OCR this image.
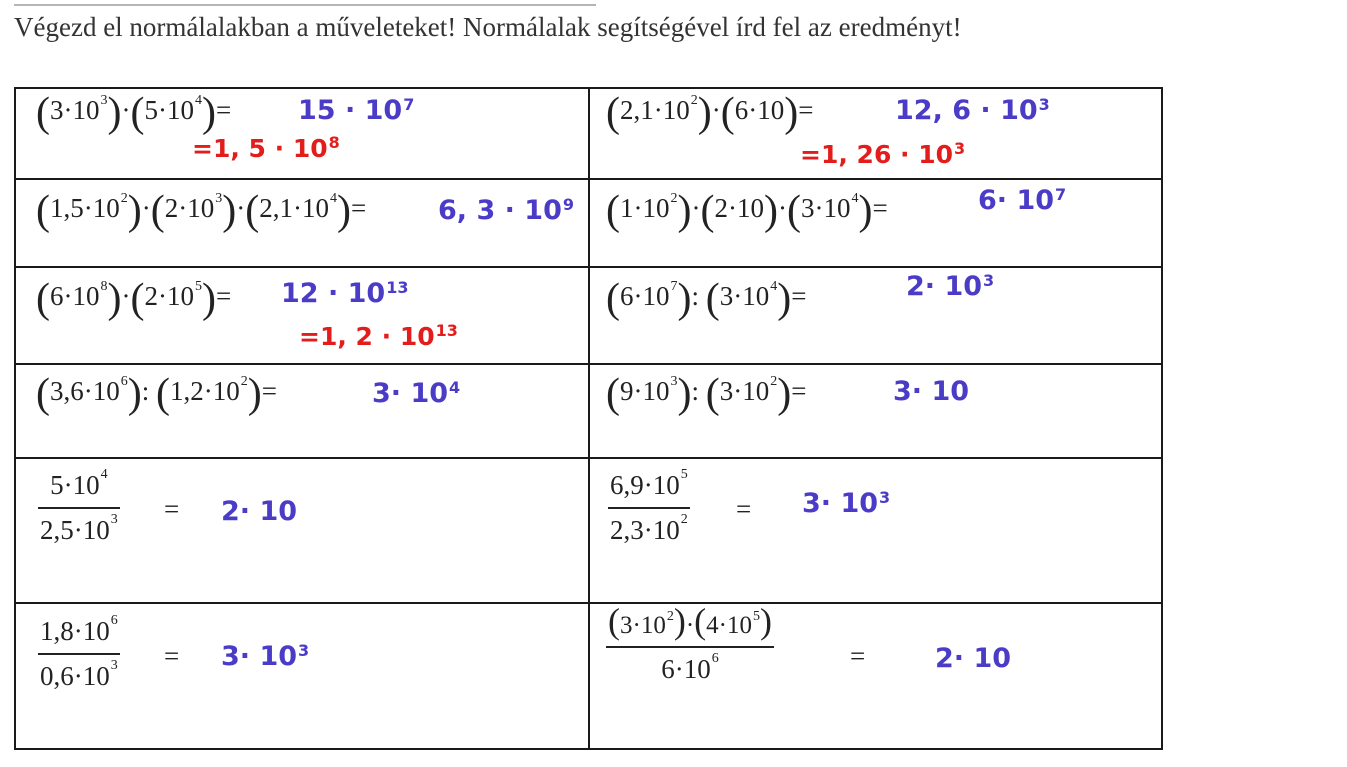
Végezd el normálalakban a műveleteket! Normálalak segítségével írd fel az eredményt!
$(3\cdot 10^3)\cdot(5\cdot 10^4)= 15 \cdot 10^7$
=1, $5 \cdot 10^8$
$(2,1\cdot 10^2)\cdot(6\cdot 10)=$	12, $6 \cdot 10^3$
=1, $26 \cdot 10^3$
$(1,5\cdot 10^2)\cdot(2\cdot 10^3)\cdot(2,1\cdot 10^4)=$	6, $3 \cdot 10^9$ $(1\cdot 10^2)\cdot(2\cdot 10)\cdot(3\cdot 10^4)=$	$6\cdot 10^7$
$(6\cdot 10^8)\cdot(2\cdot 10^5)= 12 \cdot 10^{13}$
=1, $2 \cdot 10^{13}$
$(6\cdot 10^7)$: $(3\cdot 10^4)=$	$2\cdot 10^3$
$(3,6\cdot 10^6)$: $(1,2\cdot 10^2)=$	$3\cdot 10^4$	$(9\cdot 10^3)$: $(3\cdot 10^2)=$	3· 10
$\frac{5\cdot 10^4}{2,5\cdot 10^3} = 2\cdot 10$	$\frac{6,9\cdot 10^5}{2,3\cdot 10^2} = 3\cdot 10^3$
$\frac{1,8\cdot 10^6}{0,6\cdot 10^3} = 3\cdot 10^3$	$\frac{(3\cdot 10^2)\cdot(4\cdot 10^5)}{6\cdot 10^6}$	=	2· 10
